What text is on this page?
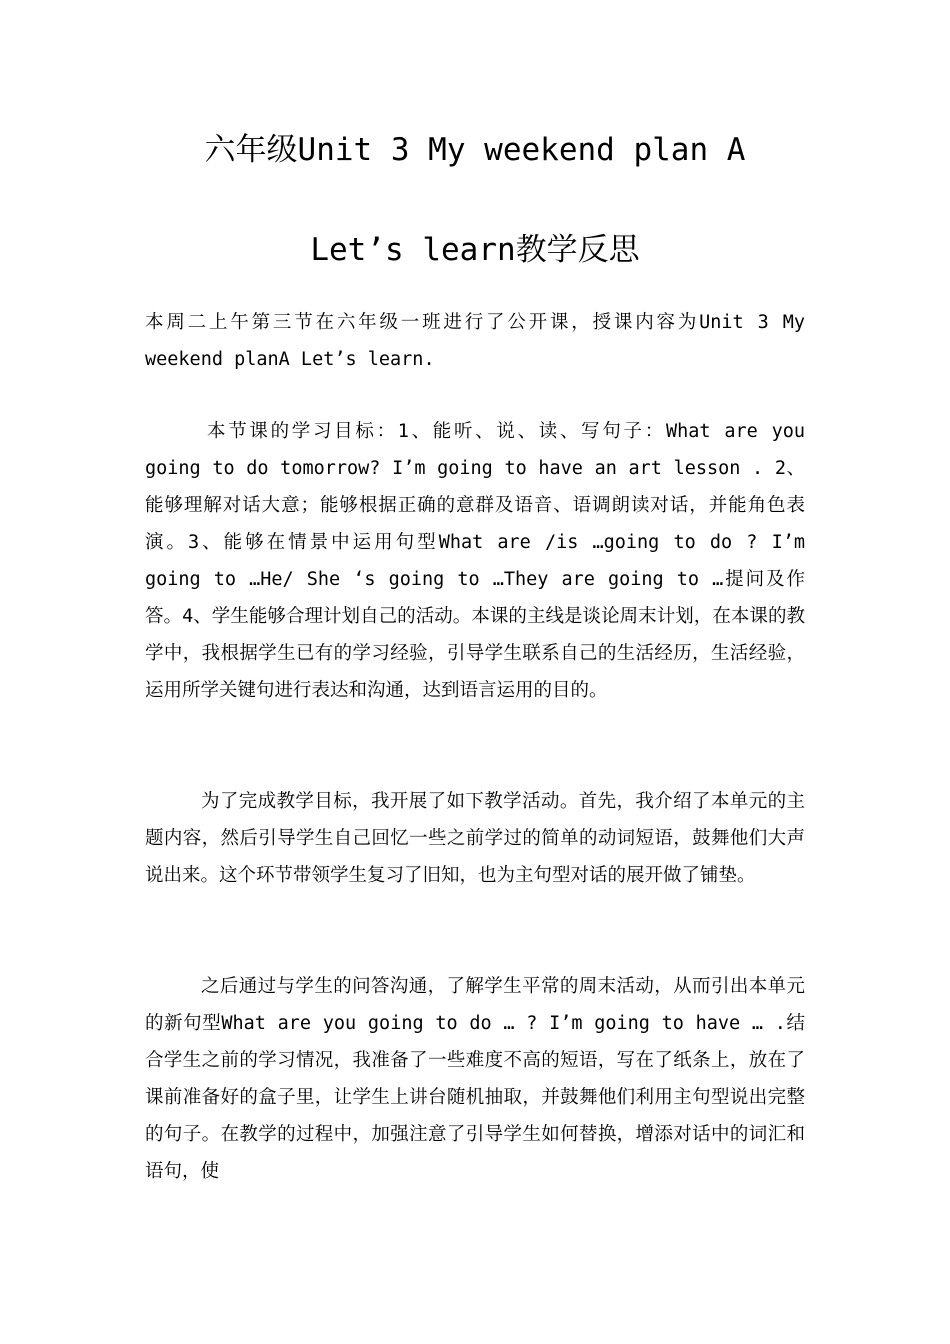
六年级Unit 3 My weekend plan A
Let’s learn教学反思

本周二上午第三节在六年级一班进行了公开课，授课内容为Unit 3 My weekend planA Let’s learn.

本节课的学习目标：1、能听、说、读、写句子：What are you going to do tomorrow? I’m going to have an art lesson . 2、能够理解对话大意；能够根据正确的意群及语音、语调朗读对话，并能角色表演。3、能够在情景中运用句型What are /is …going to do ? I’m going to …He/ She ‘s going to …They are going to …提问及作答。4、学生能够合理计划自己的活动。本课的主线是谈论周末计划，在本课的教学中，我根据学生已有的学习经验，引导学生联系自己的生活经历，生活经验，运用所学关键句进行表达和沟通，达到语言运用的目的。

为了完成教学目标，我开展了如下教学活动。首先，我介绍了本单元的主题内容，然后引导学生自己回忆一些之前学过的简单的动词短语，鼓舞他们大声说出来。这个环节带领学生复习了旧知，也为主句型对话的展开做了铺垫。

之后通过与学生的问答沟通，了解学生平常的周末活动，从而引出本单元的新句型What are you going to do … ? I’m going to have … .结合学生之前的学习情况，我准备了一些难度不高的短语，写在了纸条上，放在了课前准备好的盒子里，让学生上讲台随机抽取，并鼓舞他们利用主句型说出完整的句子。在教学的过程中，加强注意了引导学生如何替换，增添对话中的词汇和语句，使
